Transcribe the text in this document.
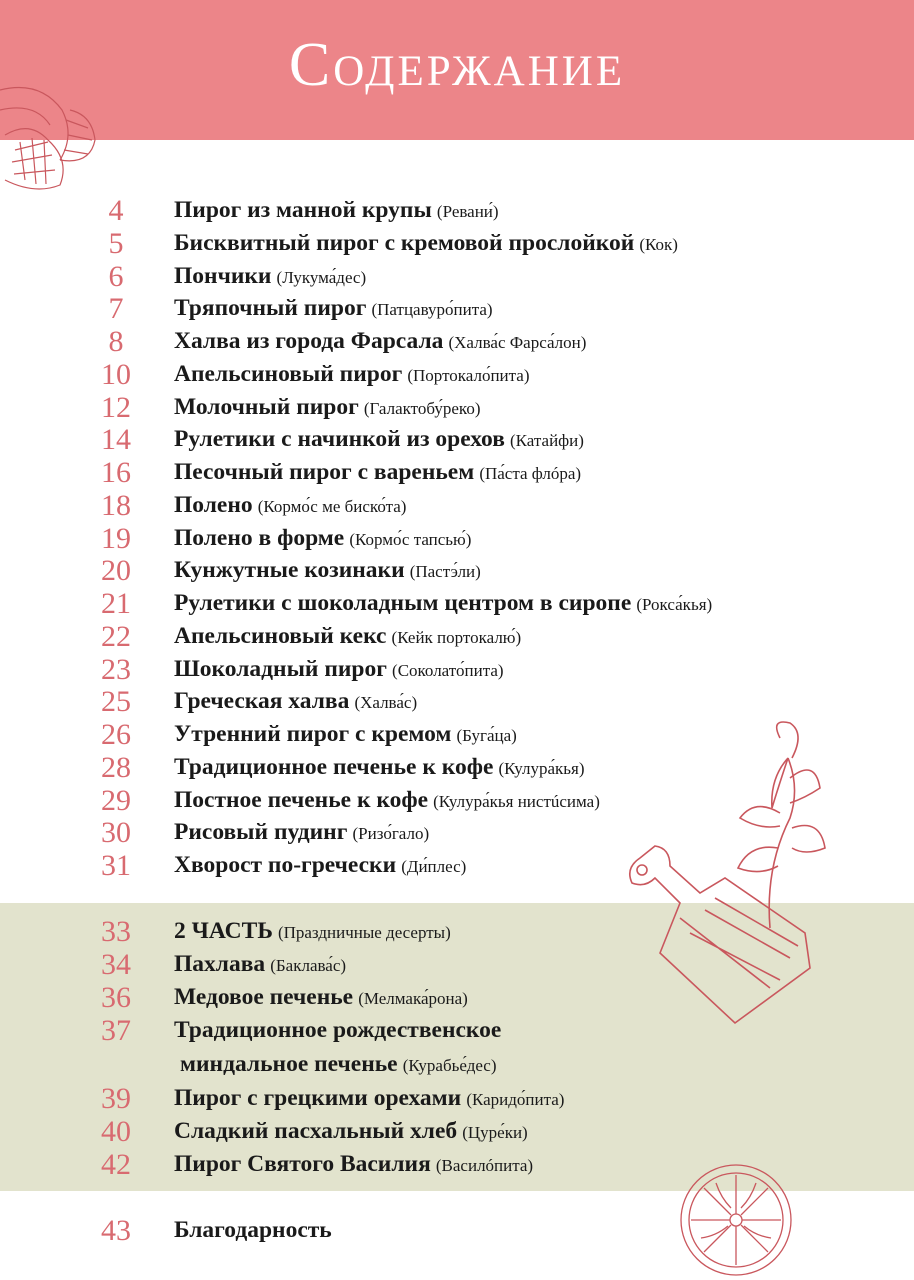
Содержание
4	Пирог из манной крупы (Ревани́)
5	Бисквитный пирог с кремовой прослойкой (Кок)
6	Пончики (Лукума́дес)
7	Тряпочный пирог (Патцавуро́пита)
8	Халва из города Фарсала (Халва́с Фарса́лон)
10	Апельсиновый пирог (Портокало́пита)
12	Молочный пирог (Галактобу́реко)
14	Рулетики с начинкой из орехов (Катайфи)
16	Песочный пирог с вареньем (Па́ста флóра)
18	Полено (Кормо́с ме биско́та)
19	Полено в форме (Кормо́с тапсью́)
20	Кунжутные козинаки (Пастэ́ли)
21	Рулетики с шоколадным центром в сиропе (Рокса́кья)
22	Апельсиновый кекс (Кейк портокалю́)
23	Шоколадный пирог (Соколато́пита)
25	Греческая халва (Халва́с)
26	Утренний пирог с кремом (Буга́ца)
28	Традиционное печенье к кофе (Кулура́кья)
29	Постное печенье к кофе (Кулура́кья нистúсима)
30	Рисовый пудинг (Ризо́гало)
31	Хворост по-гречески (Ди́плес)
33	2 ЧАСТЬ (Праздничные десерты)
34	Пахлава (Баклава́с)
36	Медовое печенье (Мелмака́рона)
37	Традиционное рождественское
миндальное печенье (Курабье́дес)
39	Пирог с грецкими орехами (Каридо́пита)
40	Сладкий пасхальный хлеб (Цуре́ки)
42	Пирог Святого Василия (Василóпита)
43	Благодарность
